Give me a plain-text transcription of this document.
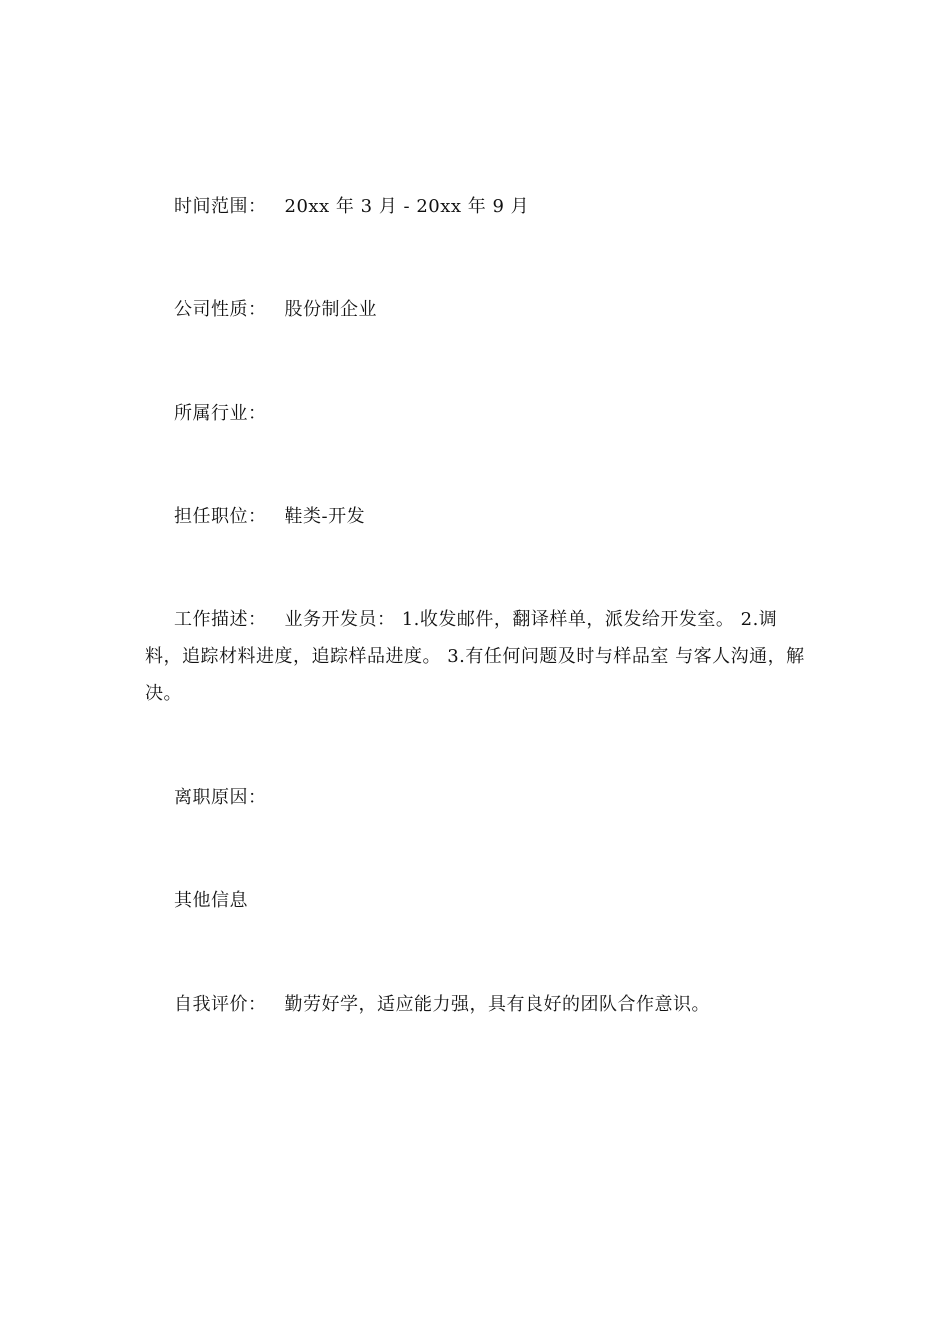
时间范围： 20xx 年 3 月 - 20xx 年 9 月
公司性质： 股份制企业
所属行业：
担任职位： 鞋类-开发
工作描述： 业务开发员： 1.收发邮件，翻译样单，派发给开发室。 2.调料，追踪材料进度，追踪样品进度。 3.有任何问题及时与样品室 与客人沟通，解决。
离职原因：
其他信息
自我评价： 勤劳好学，适应能力强，具有良好的团队合作意识。
